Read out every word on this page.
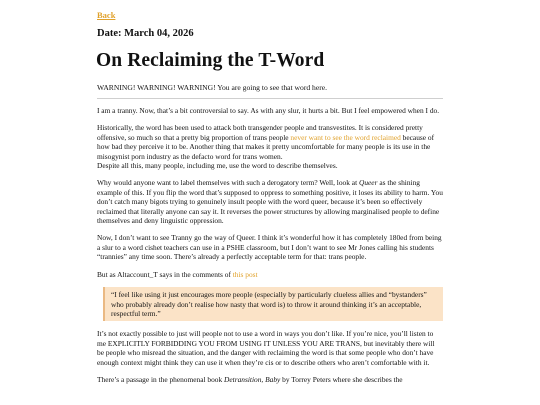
Back
Date: March 04, 2026
On Reclaiming the T-Word
WARNING! WARNING! WARNING! You are going to see that word here.

I am a tranny. Now, that’s a bit controversial to say. As with any slur, it hurts a bit. But I feel empowered when I do.

Historically, the word has been used to attack both transgender people and transvestites. It is considered pretty offensive, so much so that a pretty big proportion of trans people never want to see the word reclaimed because of how bad they perceive it to be. Another thing that makes it pretty uncomfortable for many people is its use in the misogynist porn industry as the defacto word for trans women.
Despite all this, many people, including me, use the word to describe themselves.

Why would anyone want to label themselves with such a derogatory term? Well, look at Queer as the shining example of this. If you flip the word that’s supposed to oppress to something positive, it loses its ability to harm. You don’t catch many bigots trying to genuinely insult people with the word queer, because it’s been so effectively reclaimed that literally anyone can say it. It reverses the power structures by allowing marginalised people to define themselves and deny linguistic oppression.

Now, I don’t want to see Tranny go the way of Queer. I think it’s wonderful how it has completely 180ed from being a slur to a word cishet teachers can use in a PSHE classroom, but I don’t want to see Mr Jones calling his students “trannies” any time soon. There’s already a perfectly acceptable term for that: trans people.

But as Altaccount_T says in the comments of this post

“I feel like using it just encourages more people (especially by particularly clueless allies and “bystanders” who probably already don’t realise how nasty that word is) to throw it around thinking it’s an acceptable, respectful term.”

It’s not exactly possible to just will people not to use a word in ways you don’t like. If you’re nice, you’ll listen to me EXPLICITLY FORBIDDING YOU FROM USING IT UNLESS YOU ARE TRANS, but inevitably there will be people who misread the situation, and the danger with reclaiming the word is that some people who don’t have enough context might think they can use it when they’re cis or to describe others who aren’t comfortable with it.

There’s a passage in the phenomenal book Detransition, Baby by Torrey Peters where she describes the
